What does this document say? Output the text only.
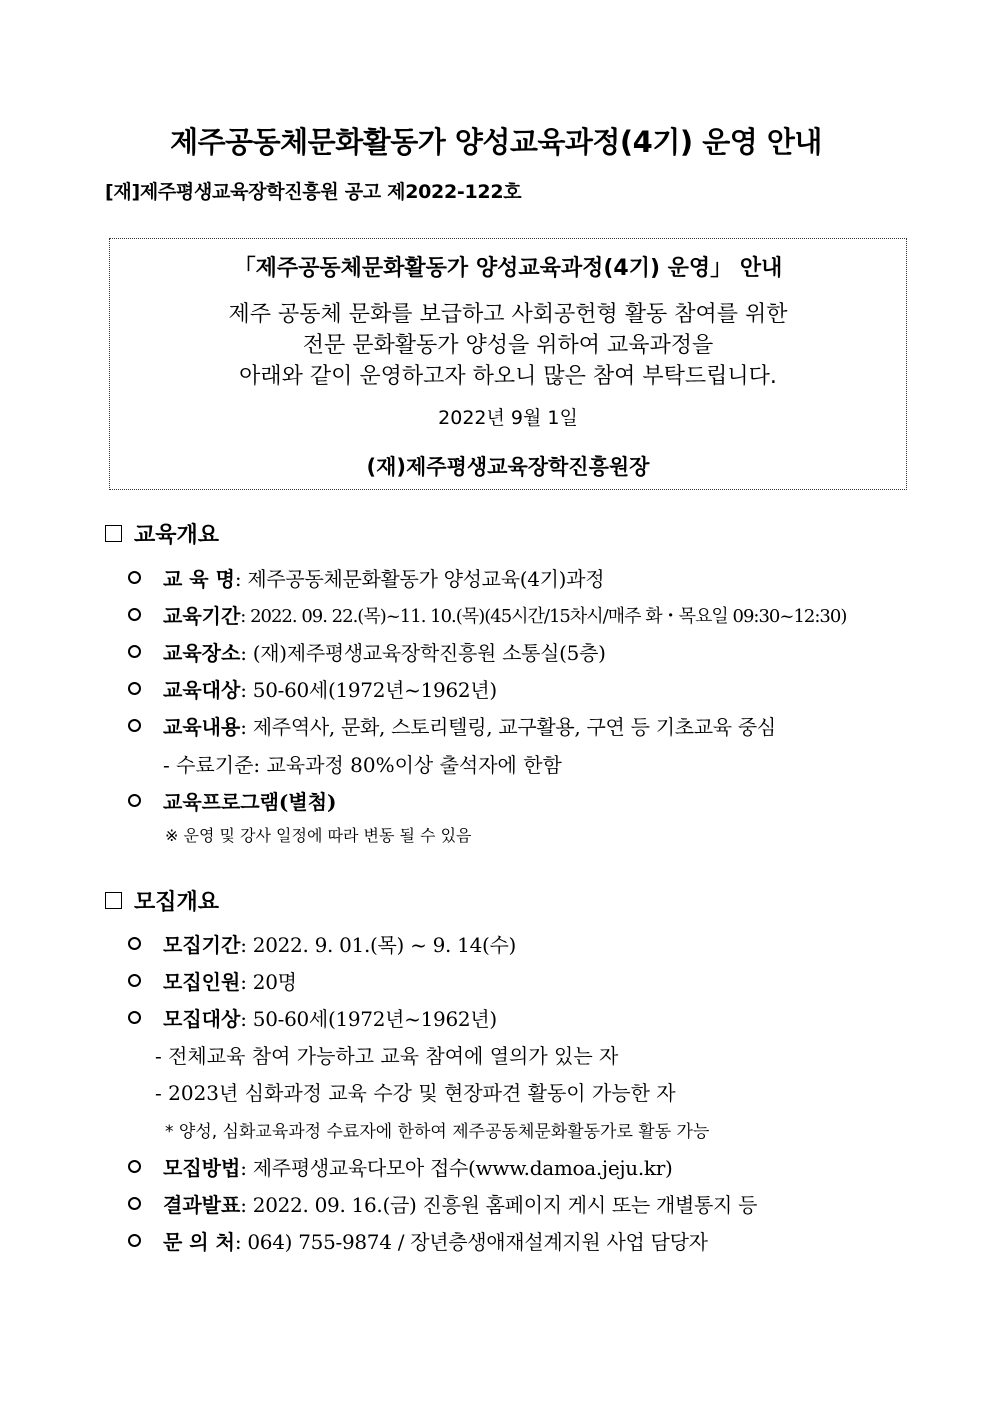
제주공동체문화활동가 양성교육과정(4기) 운영 안내
[재]제주평생교육장학진흥원 공고 제2022-122호
「제주공동체문화활동가 양성교육과정(4기) 운영」 안내
제주 공동체 문화를 보급하고 사회공헌형 활동 참여를 위한
전문 문화활동가 양성을 위하여 교육과정을
아래와 같이 운영하고자 하오니 많은 참여 부탁드립니다.
2022년 9월 1일
(재)제주평생교육장학진흥원장
교육개요
교 육 명 : 제주공동체문화활동가 양성교육(4기)과정
교육기간 : 2022. 09. 22.(목)~11. 10.(목)(45시간/15차시/매주 화・목요일 09:30~12:30)
교육장소 : (재)제주평생교육장학진흥원 소통실(5층)
교육대상 : 50-60세(1972년~1962년)
교육내용 : 제주역사, 문화, 스토리텔링, 교구활용, 구연 등 기초교육 중심
- 수료기준: 교육과정 80%이상 출석자에 한함
교육프로그램(별첨)
※ 운영 및 강사 일정에 따라 변동 될 수 있음
모집개요
모집기간 : 2022. 9. 01.(목) ~ 9. 14(수)
모집인원 : 20명
모집대상 : 50-60세(1972년~1962년)
- 전체교육 참여 가능하고 교육 참여에 열의가 있는 자
- 2023년 심화과정 교육 수강 및 현장파견 활동이 가능한 자
* 양성, 심화교육과정 수료자에 한하여 제주공동체문화활동가로 활동 가능
모집방법 : 제주평생교육다모아 접수(www.damoa.jeju.kr)
결과발표 : 2022. 09. 16.(금) 진흥원 홈페이지 게시 또는 개별통지 등
문 의 처 : 064) 755-9874 / 장년층생애재설계지원 사업 담당자
